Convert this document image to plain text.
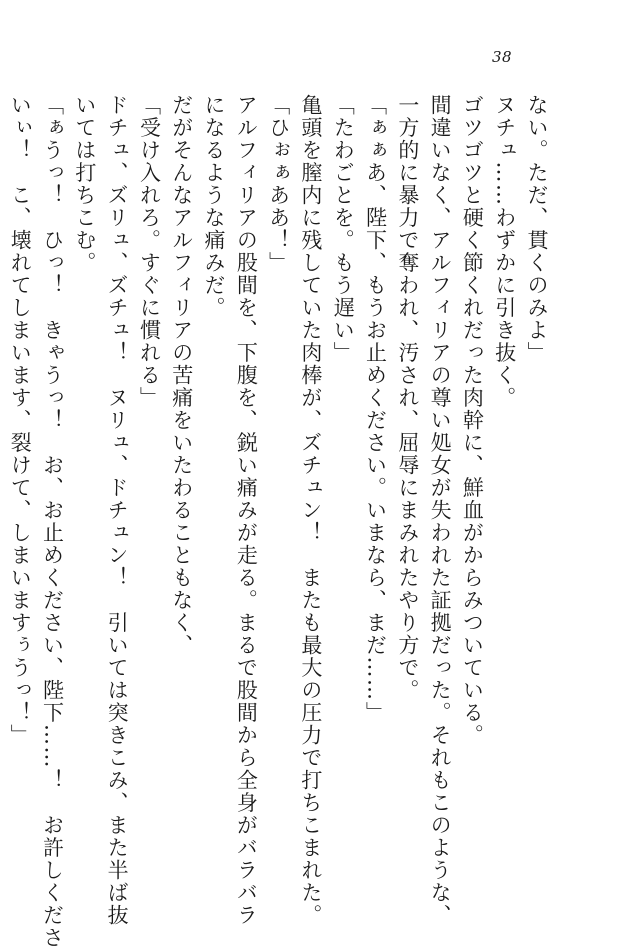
38
ない。ただ、貫くのみよ」
ヌチュ……わずかに引き抜く。
ゴツゴツと硬く節くれだった肉幹に、鮮血がからみついている。
間違いなく、アルフィリアの尊い処女が失われた証拠だった。それもこのような、
一方的に暴力で奪われ、汚され、屈辱にまみれたやり方で。
「ぁぁあ、陛下、もうお止めください。いまなら、まだ……」
「たわごとを。もう遅い」
亀頭を膣内に残していた肉棒が、ズチュン！　またも最大の圧力で打ちこまれた。
「ひぉぁああ！」
アルフィリアの股間を、下腹を、鋭い痛みが走る。まるで股間から全身がバラバラ
になるような痛みだ。
だがそんなアルフィリアの苦痛をいたわることもなく、
「受け入れろ。すぐに慣れる」
ドチュ、ズリュ、ズチュ！　ヌリュ、ドチュン！　引いては突きこみ、また半ば抜
いては打ちこむ。
「ぁうっ！　ひっ！　きゃうっ！　お、お止めください、陛下……！　お許しくださ
いぃ！　こ、壊れてしまいます、裂けて、しまいますぅうっ！」
